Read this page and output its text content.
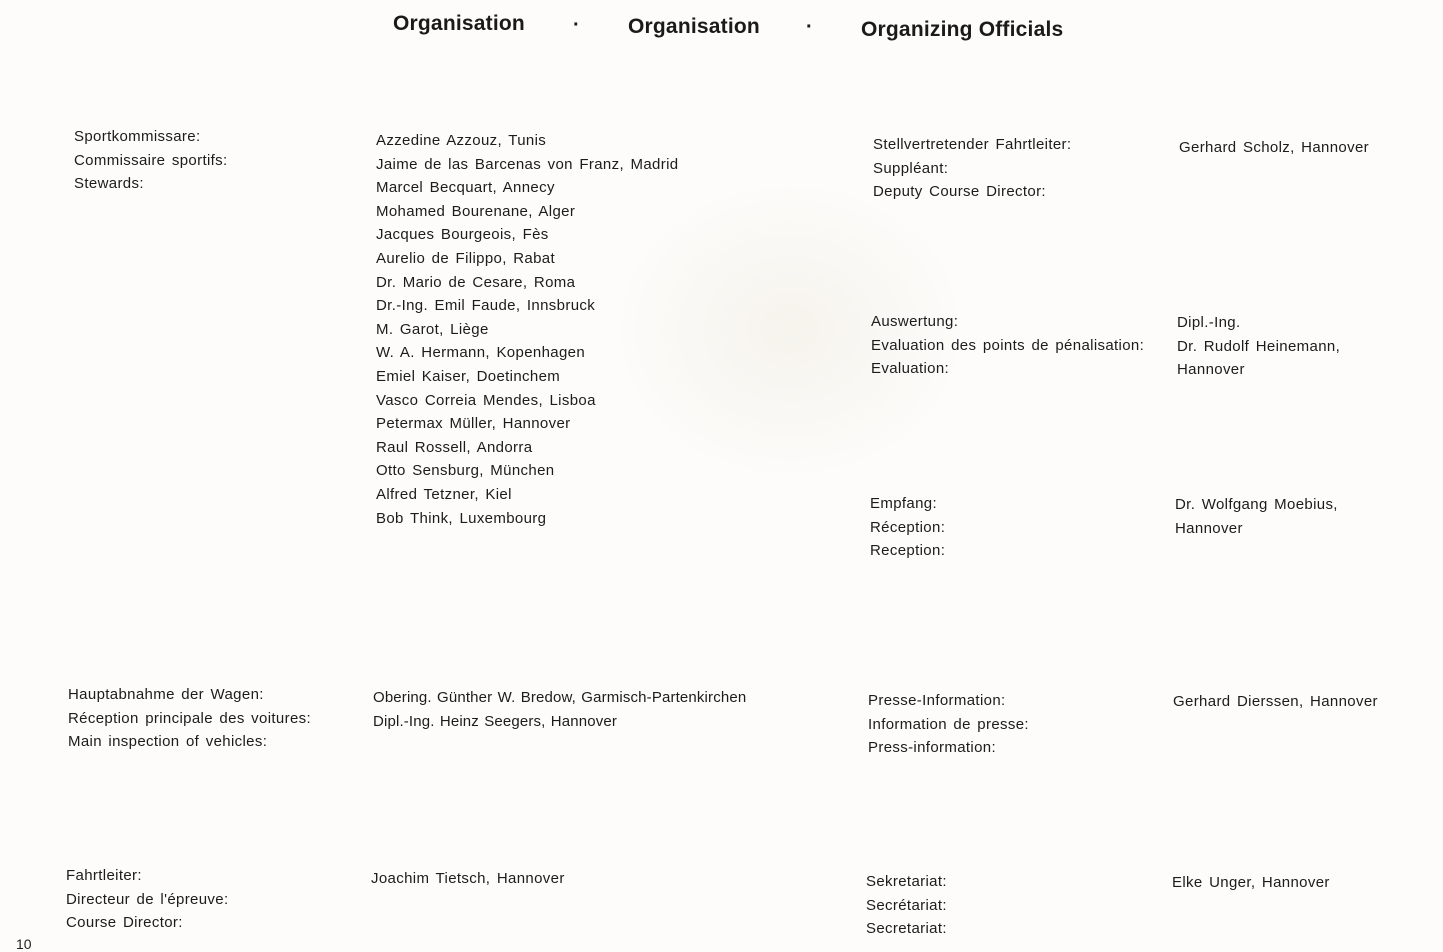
Organisation · Organisation · Organizing Officials
Sportkommissare:
Commissaire sportifs:
Stewards:
Azzedine Azzouz, Tunis
Jaime de las Barcenas von Franz, Madrid
Marcel Becquart, Annecy
Mohamed Bourenane, Alger
Jacques Bourgeois, Fès
Aurelio de Filippo, Rabat
Dr. Mario de Cesare, Roma
Dr.-Ing. Emil Faude, Innsbruck
M. Garot, Liège
W. A. Hermann, Kopenhagen
Emiel Kaiser, Doetinchem
Vasco Correia Mendes, Lisboa
Petermax Müller, Hannover
Raul Rossell, Andorra
Otto Sensburg, München
Alfred Tetzner, Kiel
Bob Think, Luxembourg
Stellvertretender Fahrtleiter:
Suppléant:
Deputy Course Director:
Gerhard Scholz, Hannover
Auswertung:
Evaluation des points de pénalisation:
Evaluation:
Dipl.-Ing.
Dr. Rudolf Heinemann,
Hannover
Empfang:
Réception:
Reception:
Dr. Wolfgang Moebius,
Hannover
Hauptabnahme der Wagen:
Réception principale des voitures:
Main inspection of vehicles:
Obering. Günther W. Bredow, Garmisch-Partenkirchen
Dipl.-Ing. Heinz Seegers, Hannover
Presse-Information:
Information de presse:
Press-information:
Gerhard Dierssen, Hannover
Fahrtleiter:
Directeur de l'épreuve:
Course Director:
Joachim Tietsch, Hannover	Sekretariat:
Secrétariat:
Secretariat:
Elke Unger, Hannover
10
